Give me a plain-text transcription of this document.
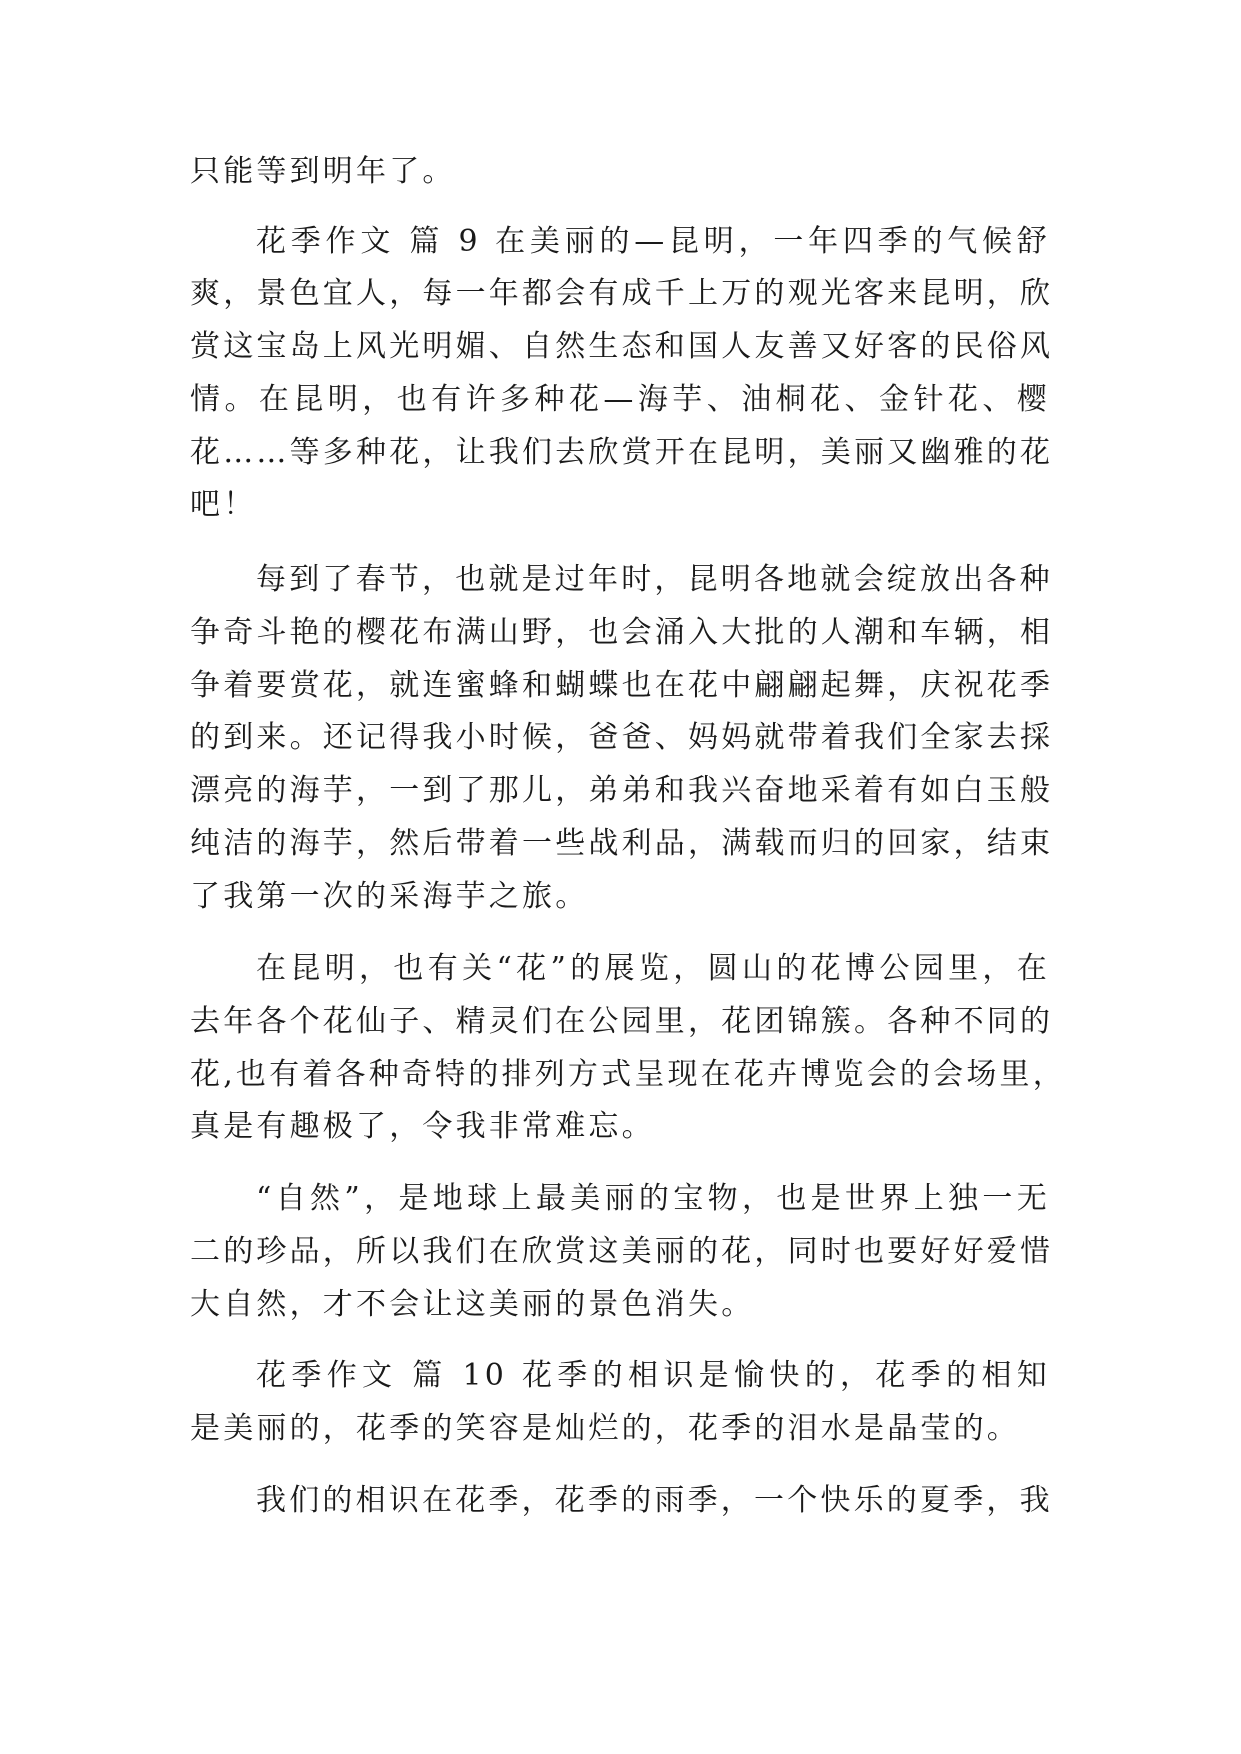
只能等到明年了。
花季作文 篇 9 在美丽的—昆明，一年四季的气候舒
爽，景色宜人，每一年都会有成千上万的观光客来昆明，欣
赏这宝岛上风光明媚、自然生态和国人友善又好客的民俗风
情。在昆明，也有许多种花—海芋、油桐花、金针花、樱
花……等多种花，让我们去欣赏开在昆明，美丽又幽雅的花
吧！
每到了春节，也就是过年时，昆明各地就会绽放出各种
争奇斗艳的樱花布满山野，也会涌入大批的人潮和车辆，相
争着要赏花，就连蜜蜂和蝴蝶也在花中翩翩起舞，庆祝花季
的到来。还记得我小时候，爸爸、妈妈就带着我们全家去採
漂亮的海芋，一到了那儿，弟弟和我兴奋地采着有如白玉般
纯洁的海芋，然后带着一些战利品，满载而归的回家，结束
了我第一次的采海芋之旅。
在昆明，也有关“花”的展览，圆山的花博公园里，在
去年各个花仙子、精灵们在公园里，花团锦簇。各种不同的
花,也有着各种奇特的排列方式呈现在花卉博览会的会场里，
真是有趣极了，令我非常难忘。
“自然”，是地球上最美丽的宝物，也是世界上独一无
二的珍品，所以我们在欣赏这美丽的花，同时也要好好爱惜
大自然，才不会让这美丽的景色消失。
花季作文 篇 10 花季的相识是愉快的，花季的相知
是美丽的，花季的笑容是灿烂的，花季的泪水是晶莹的。
我们的相识在花季，花季的雨季，一个快乐的夏季，我
